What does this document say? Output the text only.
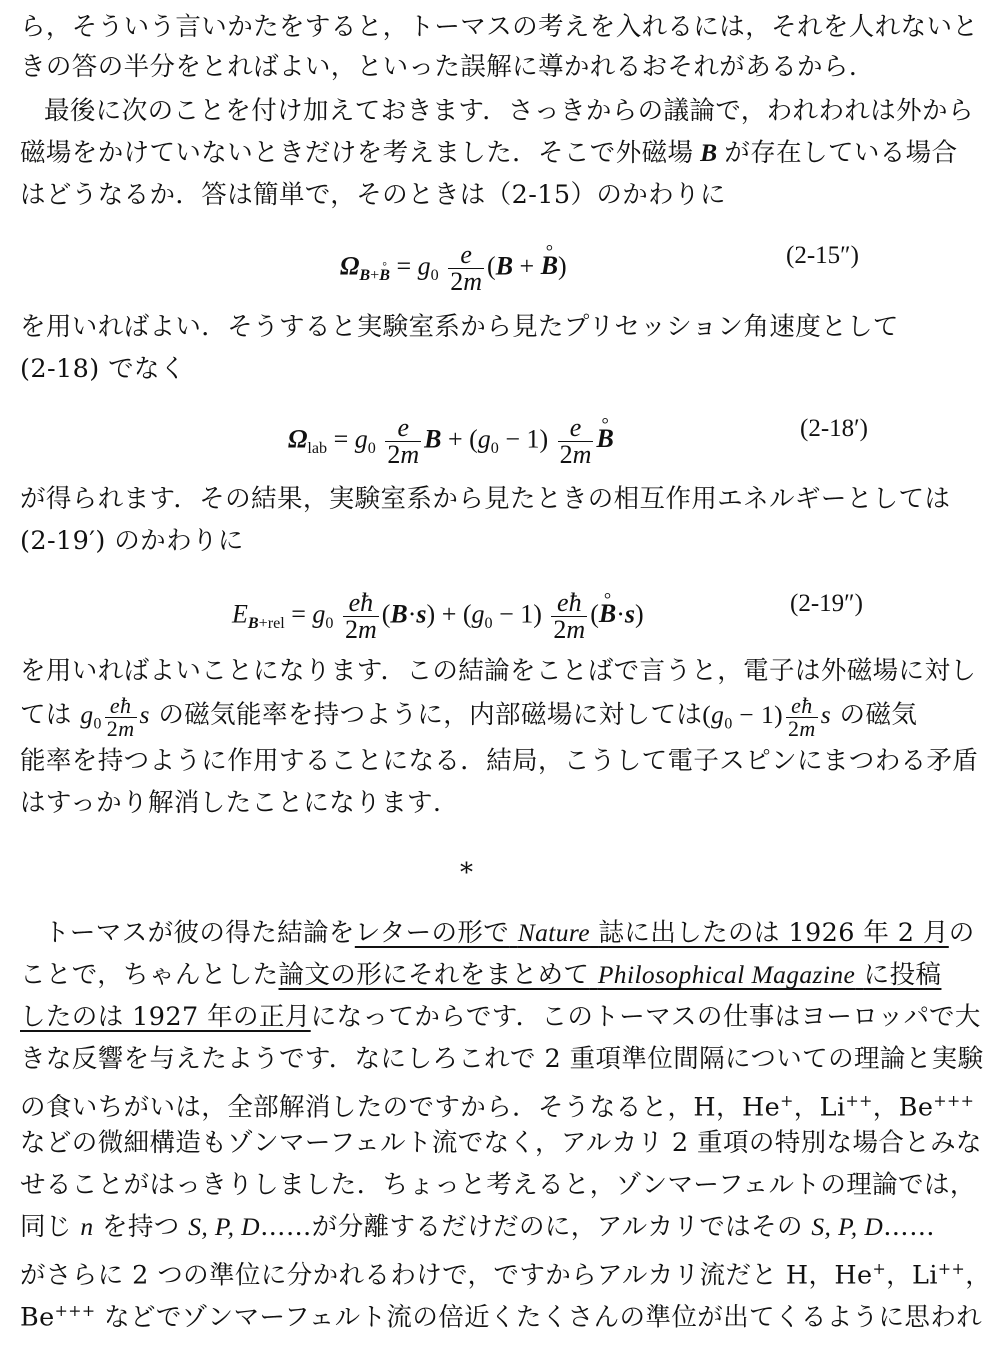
ら，そういう言いかたをすると，トーマスの考えを入れるには，それを人れないと
きの答の半分をとればよい，といった誤解に導かれるおそれがあるから.
最後に次のことを付け加えておきます．さっきからの議論で，われわれは外から
磁場をかけていないときだけを考えました．そこで外磁場 B が存在している場合
はどうなるか．答は簡単で，そのときは（2-15）のかわりに
$\Omega_{B+^\circ B} = g_0 \frac{e}{2m} (B$ + ° B)	(2-15″)
を用いればよい．そうすると実験室系から見たプリセッション角速度として
(2-18) でなく
$\Omega_{lab} = g_0 \frac{e}{2m}$ $B + (g_0 - 1) \frac{e}{2m}$
° B	(2-18′)
が得られます．その結果，実験室系から見たときの相互作用エネルギーとしては
(2-19′) のかわりに
$E_{B+rel} = g_0 \frac{eħ}{2m} (B\cdot s) + (g_0 - 1) \frac{eħ}{2m}$ (° B·s)	(2-19″)
を用いればよいことになります．この結論をことばで言うと，電子は外磁場に対し
ては $g_0 \frac{eħ}{2m}$ s の磁気能率を持つように，内部磁場に対しては$(g_0 - 1) \frac{eħ}{2m}$ s の磁気
能率を持つように作用することになる．結局，こうして電子スピンにまつわる矛盾
はすっかり解消したことになります.
*
トーマスが彼の得た結論をレターの形で Nature 誌に出したのは 1926 年 2 月の
ことで，ちゃんとした論文の形にそれをまとめて Philosophical Magazine に投稿
したのは 1927 年の正月になってからです．このトーマスの仕事はヨーロッパで大
きな反響を与えたようです．なにしろこれで 2 重項準位間隔についての理論と実験
の食いちがいは，全部解消したのですから．そうなると，H，He+，Li++，Be+++
などの微細構造もゾンマーフェルト流でなく，アルカリ 2 重項の特別な場合とみな
せることがはっきりしました．ちょっと考えると，ゾンマーフェルトの理論では，
同じ n を持つ S, P, D……が分離するだけだのに，アルカリではその S, P, D……
がさらに 2 つの準位に分かれるわけで，ですからアルカリ流だと H，He+，Li++，
Be+++ などでゾンマーフェルト流の倍近くたくさんの準位が出てくるように思われ
